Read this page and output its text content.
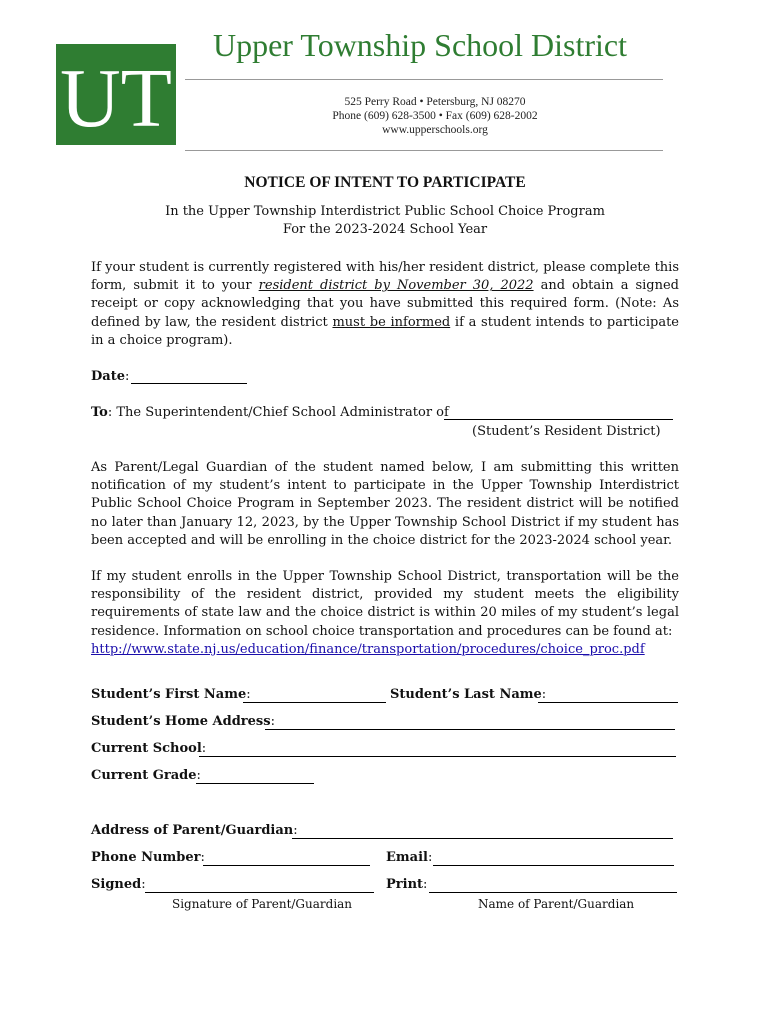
UT
Upper Township School District
525 Perry Road • Petersburg, NJ 08270
Phone (609) 628-3500 • Fax (609) 628-2002
www.upperschools.org
NOTICE OF INTENT TO PARTICIPATE
In the Upper Township Interdistrict Public School Choice Program
For the 2023-2024 School Year
If your student is currently registered with his/her resident district, please complete this form, submit it to your resident district by November 30, 2022 and obtain a signed receipt or copy acknowledging that you have submitted this required form. (Note: As defined by law, the resident district must be informed if a student intends to participate in a choice program).
Date:
To: The Superintendent/Chief School Administrator of
(Student’s Resident District)
As Parent/Legal Guardian of the student named below, I am submitting this written notification of my student’s intent to participate in the Upper Township Interdistrict Public School Choice Program in September 2023. The resident district will be notified no later than January 12, 2023, by the Upper Township School District if my student has been accepted and will be enrolling in the choice district for the 2023-2024 school year.
If my student enrolls in the Upper Township School District, transportation will be the responsibility of the resident district, provided my student meets the eligibility requirements of state law and the choice district is within 20 miles of my student’s legal residence. Information on school choice transportation and procedures can be found at:
http://www.state.nj.us/education/finance/transportation/procedures/choice_proc.pdf
Student’s First Name:	Student’s Last Name:
Student’s Home Address:
Current School:
Current Grade:
Address of Parent/Guardian:
Phone Number:	Email:
Signed:	Print:
Signature of Parent/Guardian	Name of Parent/Guardian
